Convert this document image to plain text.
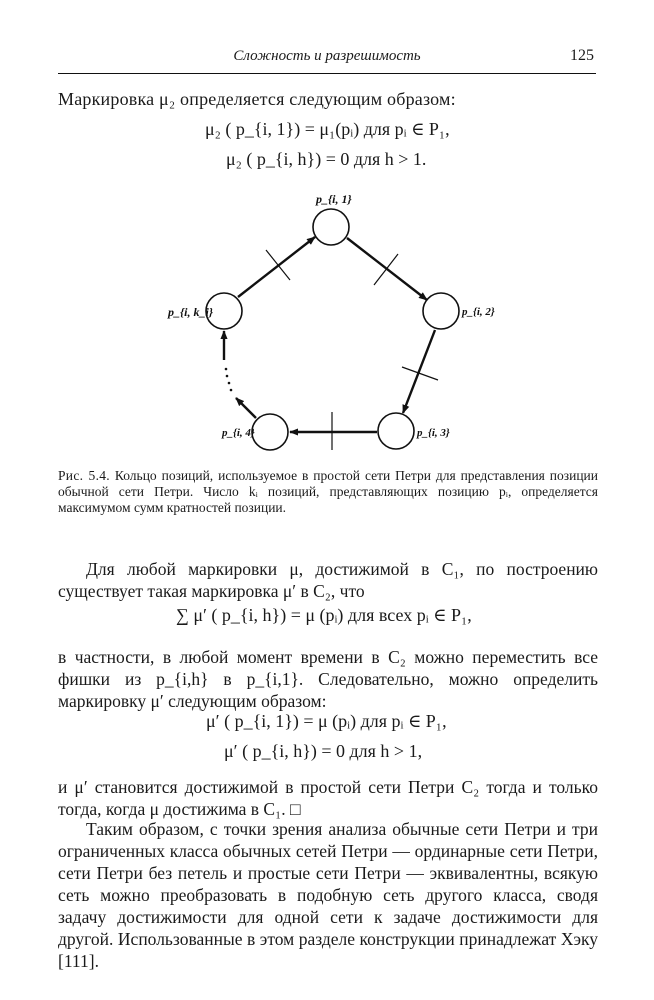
Сложность и разрешимость	125
Маркировка μ₂ определяется следующим образом:
μ₂ ( p_{i, 1}) = μ₁(pᵢ) для pᵢ ∈ P₁,
μ₂ ( p_{i, h}) = 0 для h > 1.
p_{i, 1}
p_{i, 2}
p_{i, 3}
p_{i, 4}
p_{i, k_i}
Рис. 5.4. Кольцо позиций, используемое в простой сети Петри для представления позиции обычной сети Петри. Число kᵢ позиций, представляющих позицию pᵢ, определяется максимумом сумм кратностей позиции.
Для любой маркировки μ, достижимой в C₁, по построению существует такая маркировка μ′ в C₂, что
∑ μ′ ( p_{i, h}) = μ (pᵢ) для всех pᵢ ∈ P₁,
в частности, в любой момент времени в C₂ можно переместить все фишки из p_{i,h} в p_{i,1}. Следовательно, можно определить маркировку μ′ следующим образом:
μ′ ( p_{i, 1}) = μ (pᵢ) для pᵢ ∈ P₁,
μ′ ( p_{i, h}) = 0 для h > 1,
и μ′ становится достижимой в простой сети Петри C₂ тогда и только тогда, когда μ достижима в C₁. □
Таким образом, с точки зрения анализа обычные сети Петри и три ограниченных класса обычных сетей Петри — ординарные сети Петри, сети Петри без петель и простые сети Петри — эквивалентны, всякую сеть можно преобразовать в подобную сеть другого класса, сводя задачу достижимости для одной сети к задаче достижимости для другой. Использованные в этом разделе конструкции принадлежат Хэку [111].
